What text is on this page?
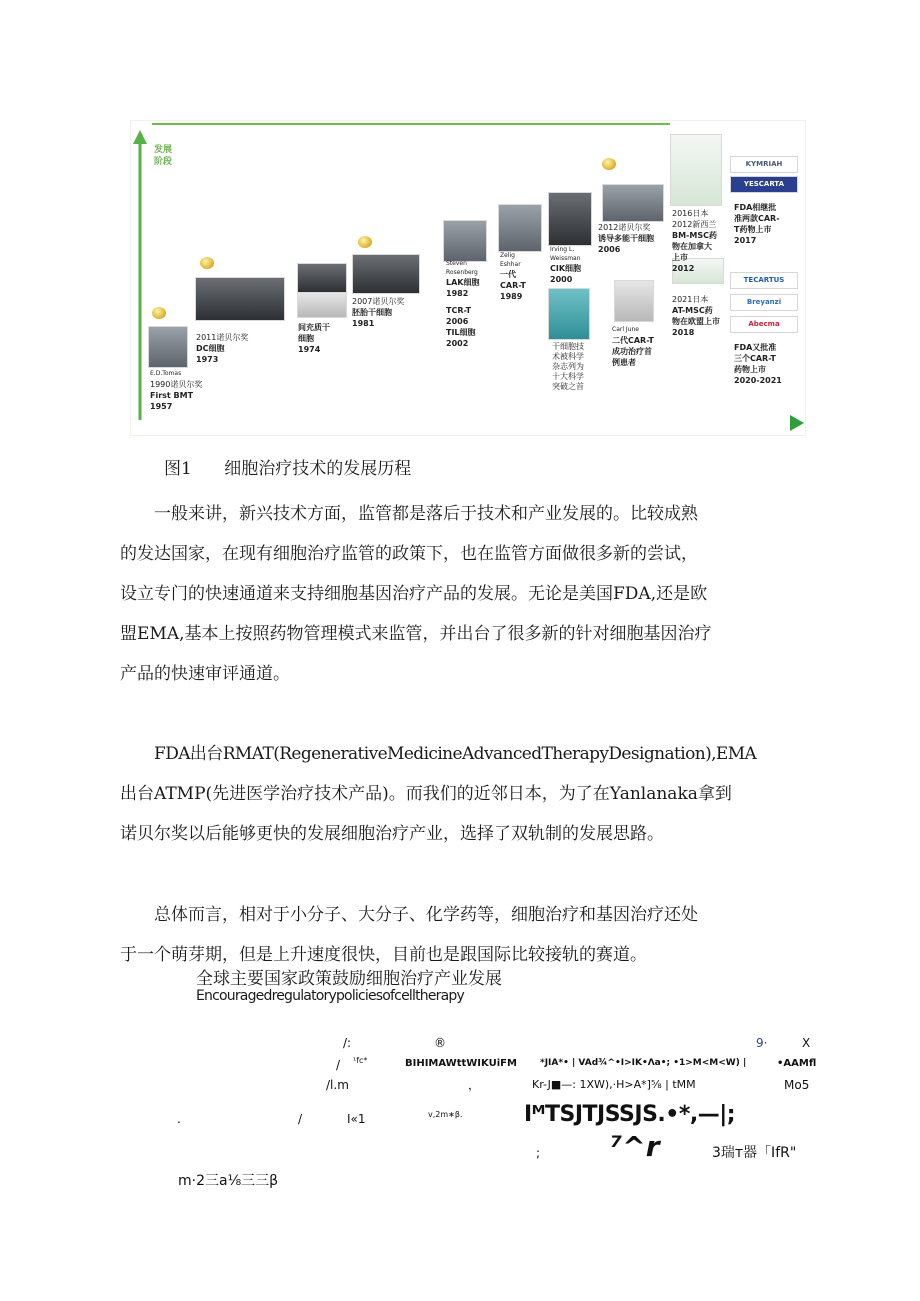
发展
阶段
E.D.Tomas
1990诺贝尔奖
First BMT
1957
2011诺贝尔奖
DC细胞
1973
间充质干
细胞
1974
2007诺贝尔奖
胚胎干细胞
1981
Steven
Rosenberg
LAK细胞
1982
TCR-T
2006
TIL细胞
2002
Zelig
Eshhar
一代
CAR-T
1989
Irving L.
Weissman
CIK细胞
2000
干细胞技
术被科学
杂志列为
十大科学
突破之首
2012诺贝尔奖
诱导多能干细胞
2006
Carl June
二代CAR-T
成功治疗首
例患者
2016日本
2012新西兰
BM-MSC药
物在加拿大
上市
2012
2021日本
AT-MSC药
物在欧盟上市
2018
FDA相继批
准两款CAR-
T药物上市
2017
FDA又批准
三个CAR-T
药物上市
2020-2021
KYMRIAH
YESCARTA
TECARTUS
Breyanzi
Abecma
图1      细胞治疗技术的发展历程
一般来讲，新兴技术方面，监管都是落后于技术和产业发展的。比较成熟
的发达国家，在现有细胞治疗监管的政策下，也在监管方面做很多新的尝试，
设立专门的快速通道来支持细胞基因治疗产品的发展。无论是美国FDA,还是欧
盟EMA,基本上按照药物管理模式来监管，并出台了很多新的针对细胞基因治疗
产品的快速审评通道。
FDA出台RMAT(RegenerativeMedicineAdvancedTherapyDesignation),EMA
出台ATMP(先进医学治疗技术产品)。而我们的近邻日本，为了在Yanlanaka拿到
诺贝尔奖以后能够更快的发展细胞治疗产业，选择了双轨制的发展思路。
总体而言，相对于小分子、大分子、化学药等，细胞治疗和基因治疗还处
于一个萌芽期，但是上升速度很快，目前也是跟国际比较接轨的赛道。
全球主要国家政策鼓励细胞治疗产业发展
Encouragedregulatorypoliciesofcelltherapy
/:	®	9·	X
/ ¹fc*	BIHIMAWttWIKUiFM	*JIA*• | VAd¾^•I>IK•Λa•; •1>M<M<W) |	•AAMfl
/l.m	，	Kr-J■—: 1XW),·H>A*]⅝ | tMM	Mo5
.	/	I«1	v,2m∗β.	IᴹTSJTJSSJS.•*,—|;
; ⁷^r	3瑞т器「IfR"
m·2三a⅛三三β
